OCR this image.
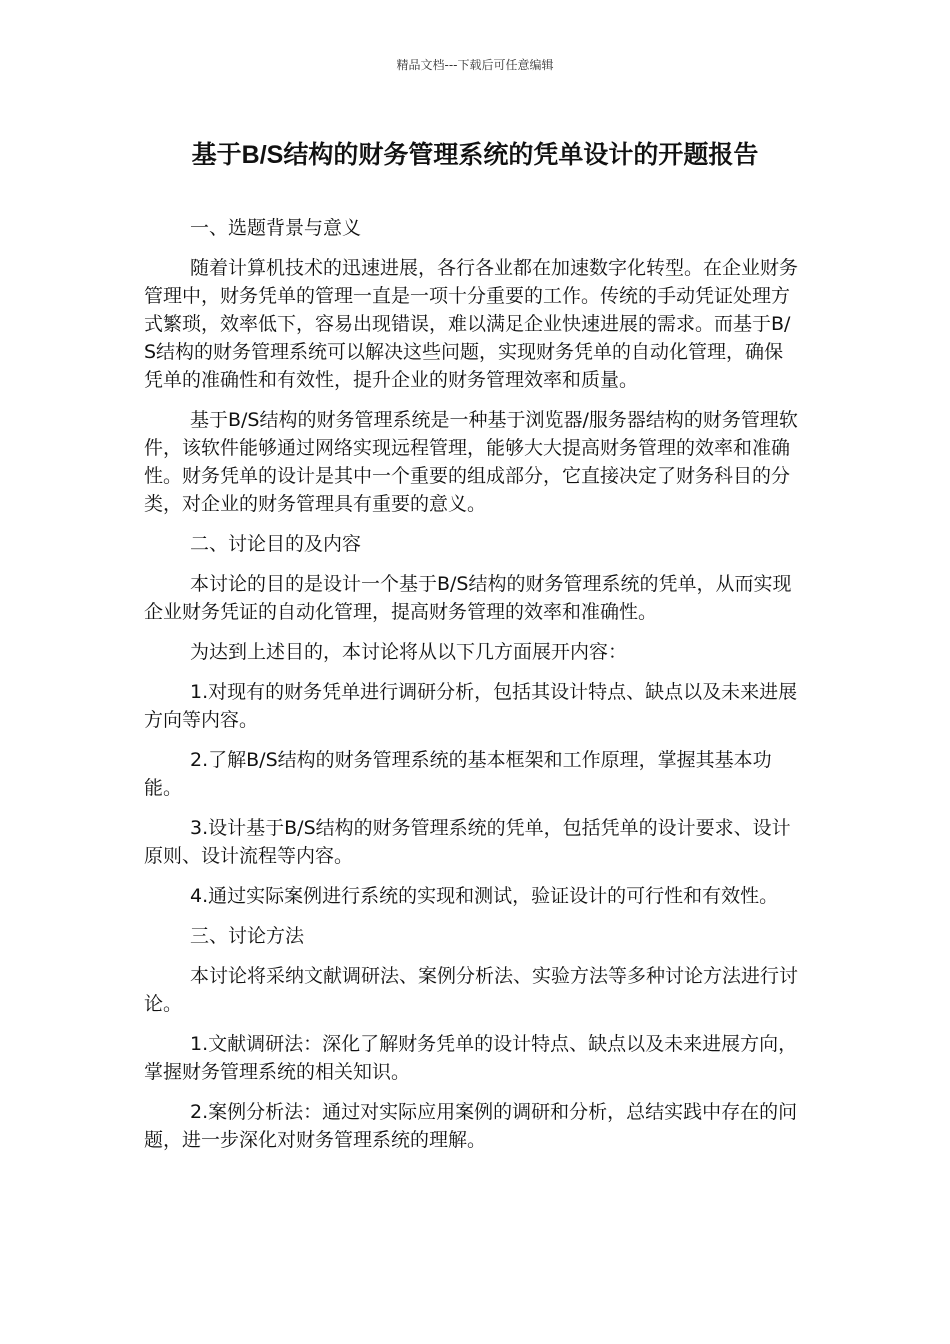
精品文档---下载后可任意编辑
基于B/S结构的财务管理系统的凭单设计的开题报告

一、选题背景与意义

随着计算机技术的迅速进展，各行各业都在加速数字化转型。在企业财务管理中，财务凭单的管理一直是一项十分重要的工作。传统的手动凭证处理方式繁琐，效率低下，容易出现错误，难以满足企业快速进展的需求。而基于B/S结构的财务管理系统可以解决这些问题，实现财务凭单的自动化管理，确保凭单的准确性和有效性，提升企业的财务管理效率和质量。

基于B/S结构的财务管理系统是一种基于浏览器/服务器结构的财务管理软件，该软件能够通过网络实现远程管理，能够大大提高财务管理的效率和准确性。财务凭单的设计是其中一个重要的组成部分，它直接决定了财务科目的分类，对企业的财务管理具有重要的意义。

二、讨论目的及内容

本讨论的目的是设计一个基于B/S结构的财务管理系统的凭单，从而实现企业财务凭证的自动化管理，提高财务管理的效率和准确性。

为达到上述目的，本讨论将从以下几方面展开内容：

1.对现有的财务凭单进行调研分析，包括其设计特点、缺点以及未来进展方向等内容。

2.了解B/S结构的财务管理系统的基本框架和工作原理，掌握其基本功能。

3.设计基于B/S结构的财务管理系统的凭单，包括凭单的设计要求、设计原则、设计流程等内容。

4.通过实际案例进行系统的实现和测试，验证设计的可行性和有效性。

三、讨论方法

本讨论将采纳文献调研法、案例分析法、实验方法等多种讨论方法进行讨论。

1.文献调研法：深化了解财务凭单的设计特点、缺点以及未来进展方向，掌握财务管理系统的相关知识。

2.案例分析法：通过对实际应用案例的调研和分析，总结实践中存在的问题，进一步深化对财务管理系统的理解。
